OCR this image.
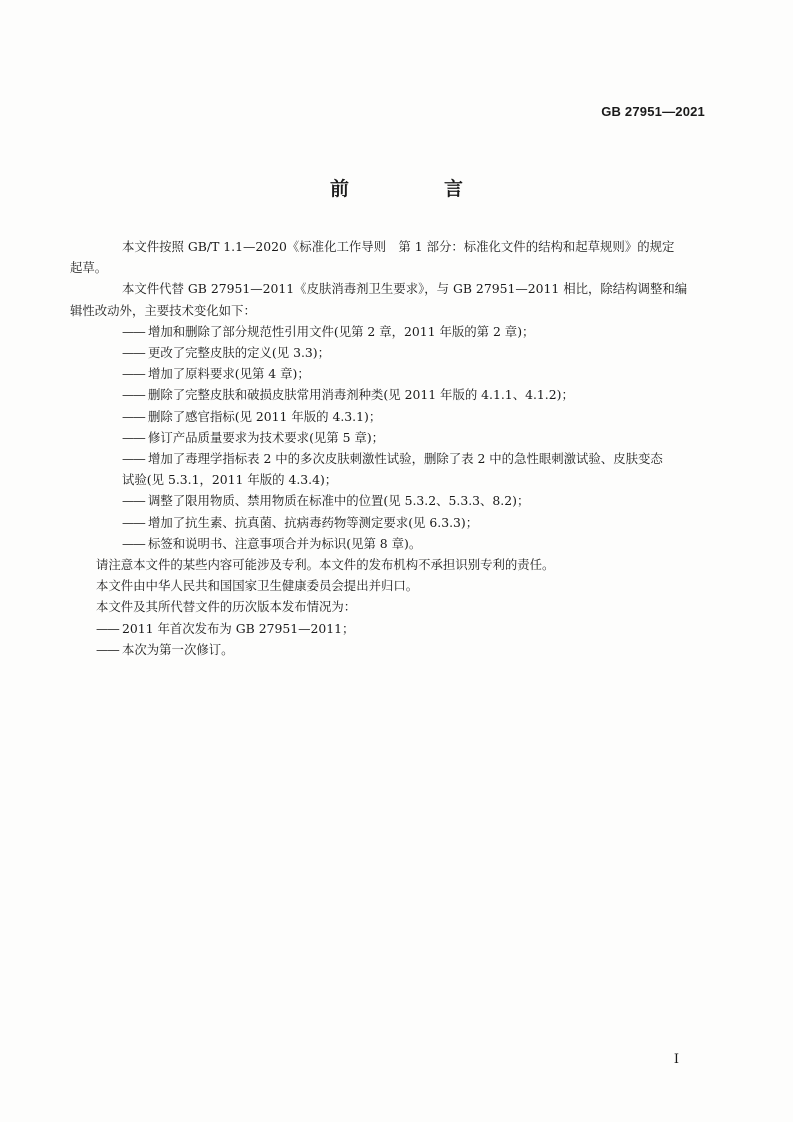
GB 27951—2021
前　言

本文件按照 GB/T 1.1—2020《标准化工作导则　第 1 部分：标准化文件的结构和起草规则》的规定
起草。

本文件代替 GB 27951—2011《皮肤消毒剂卫生要求》，与 GB 27951—2011 相比，除结构调整和编
辑性改动外，主要技术变化如下：

—— 增加和删除了部分规范性引用文件(见第 2 章，2011 年版的第 2 章)；

—— 更改了完整皮肤的定义(见 3.3)；

—— 增加了原料要求(见第 4 章)；

—— 删除了完整皮肤和破损皮肤常用消毒剂种类(见 2011 年版的 4.1.1、4.1.2)；

—— 删除了感官指标(见 2011 年版的 4.3.1)；

—— 修订产品质量要求为技术要求(见第 5 章)；

—— 增加了毒理学指标表 2 中的多次皮肤刺激性试验，删除了表 2 中的急性眼刺激试验、皮肤变态
试验(见 5.3.1，2011 年版的 4.3.4)；

—— 调整了限用物质、禁用物质在标准中的位置(见 5.3.2、5.3.3、8.2)；

—— 增加了抗生素、抗真菌、抗病毒药物等测定要求(见 6.3.3)；

—— 标签和说明书、注意事项合并为标识(见第 8 章)。

请注意本文件的某些内容可能涉及专利。本文件的发布机构不承担识别专利的责任。

本文件由中华人民共和国国家卫生健康委员会提出并归口。

本文件及其所代替文件的历次版本发布情况为：

—— 2011 年首次发布为 GB 27951—2011；

—— 本次为第一次修订。

I
